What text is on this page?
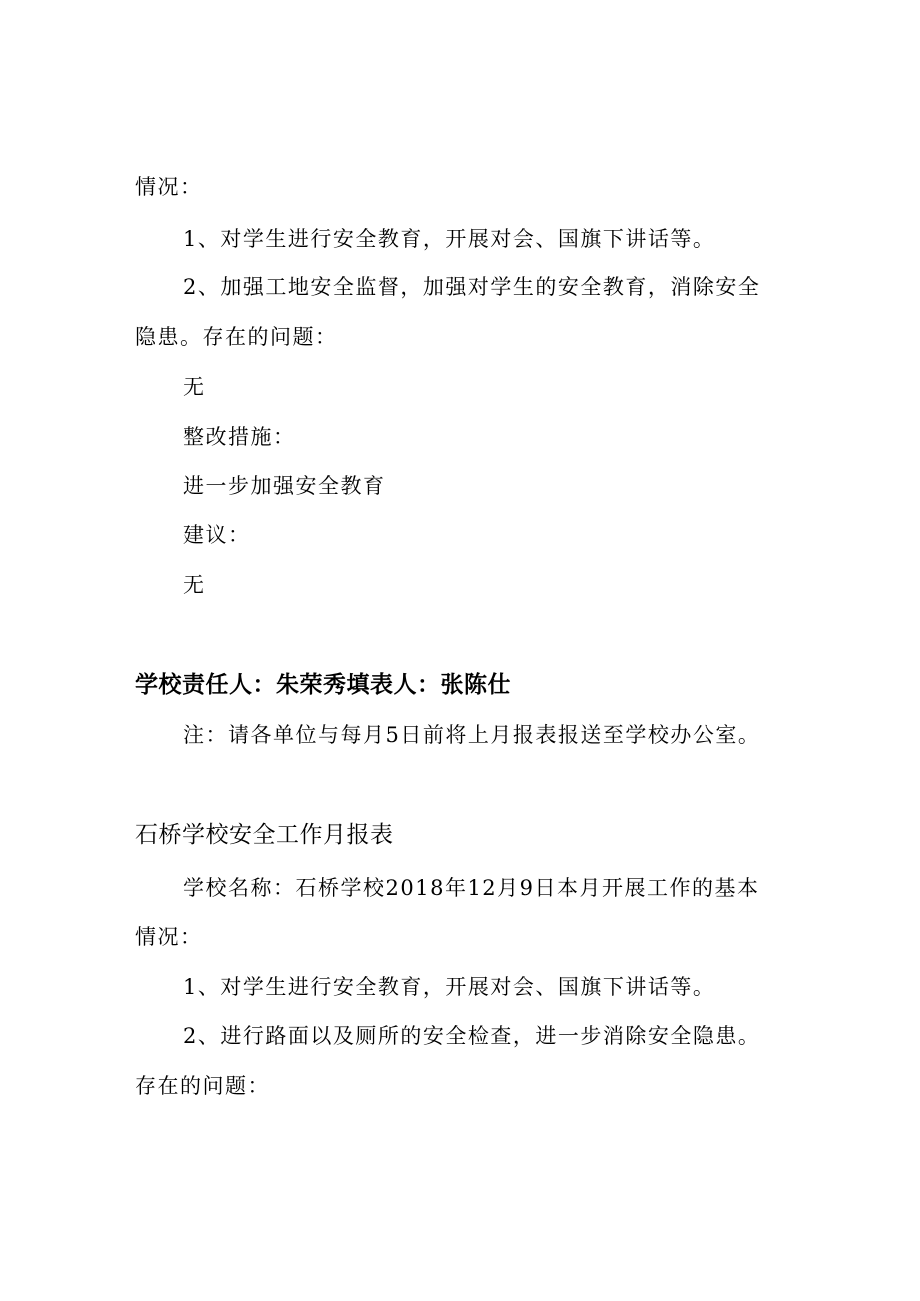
情况：
1、对学生进行安全教育，开展对会、国旗下讲话等。
2、加强工地安全监督，加强对学生的安全教育，消除安全
隐患。存在的问题：
无
整改措施：
进一步加强安全教育
建议：
无
学校责任人：朱荣秀填表人：张陈仕
注：请各单位与每月5日前将上月报表报送至学校办公室。
石桥学校安全工作月报表
学校名称：石桥学校2018年12月9日本月开展工作的基本
情况：
1、对学生进行安全教育，开展对会、国旗下讲话等。
2、进行路面以及厕所的安全检查，进一步消除安全隐患。
存在的问题：
